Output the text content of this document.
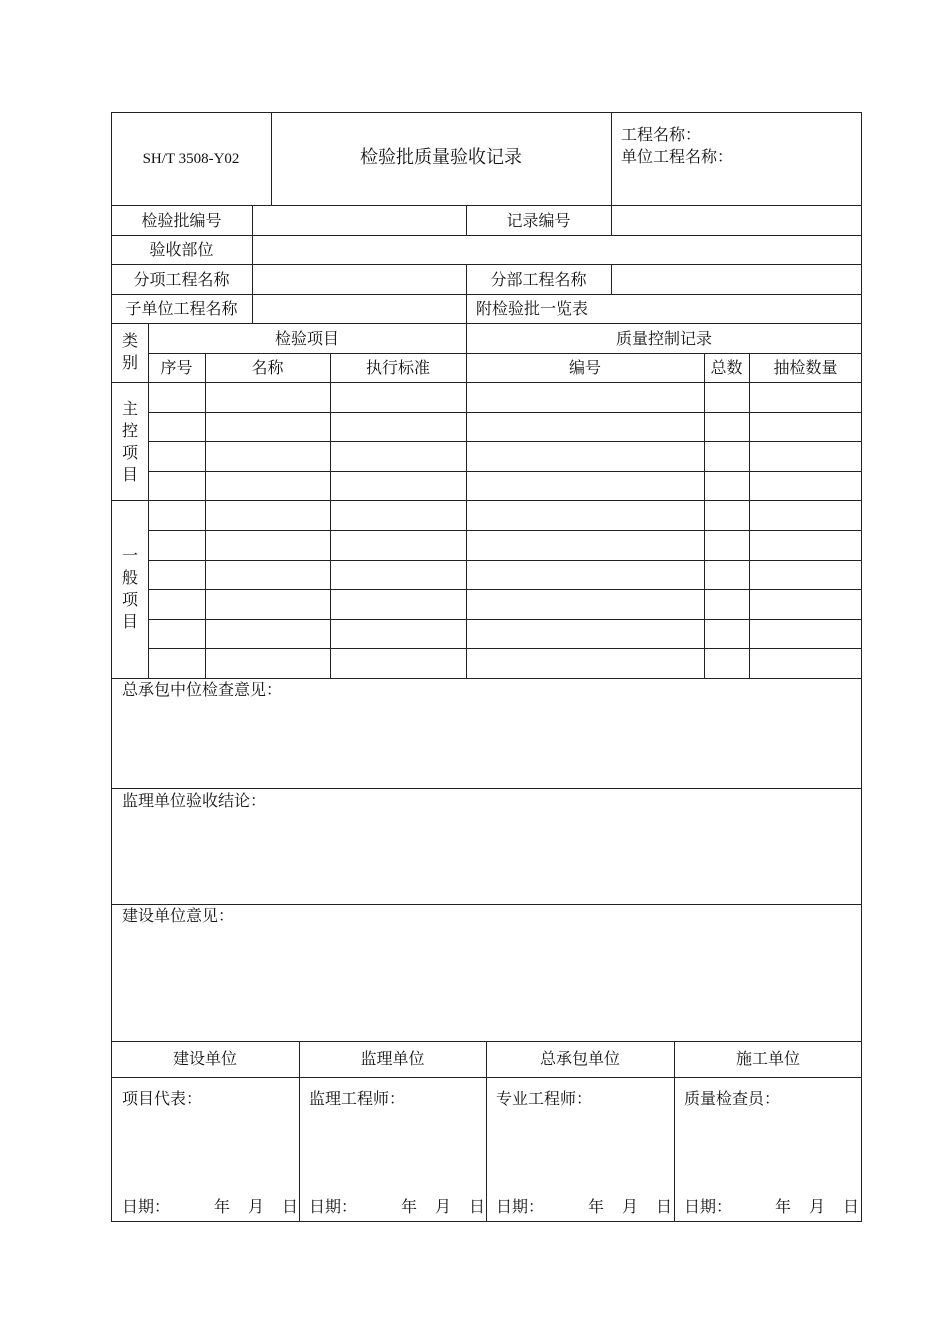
SH/T 3508-Y02	检验批质量验收记录
工程名称：
单位工程名称：
检验批编号	记录编号
验收部位
分项工程名称	分部工程名称
子单位工程名称	附检验批一览表
类别
检验项目	质量控制记录
序号	名称	执行标准	编号	总数	抽检数量
主控项目
一般项目
总承包中位检查意见：
监理单位验收结论：
建设单位意见：
建设单位	监理单位	总承包单位	施工单位
项目代表：	监理工程师：	专业工程师：	质量检查员：
日期：	年 月 日 日期：	年 月 日 日期：	年 月 日 日期：	年 月 日
